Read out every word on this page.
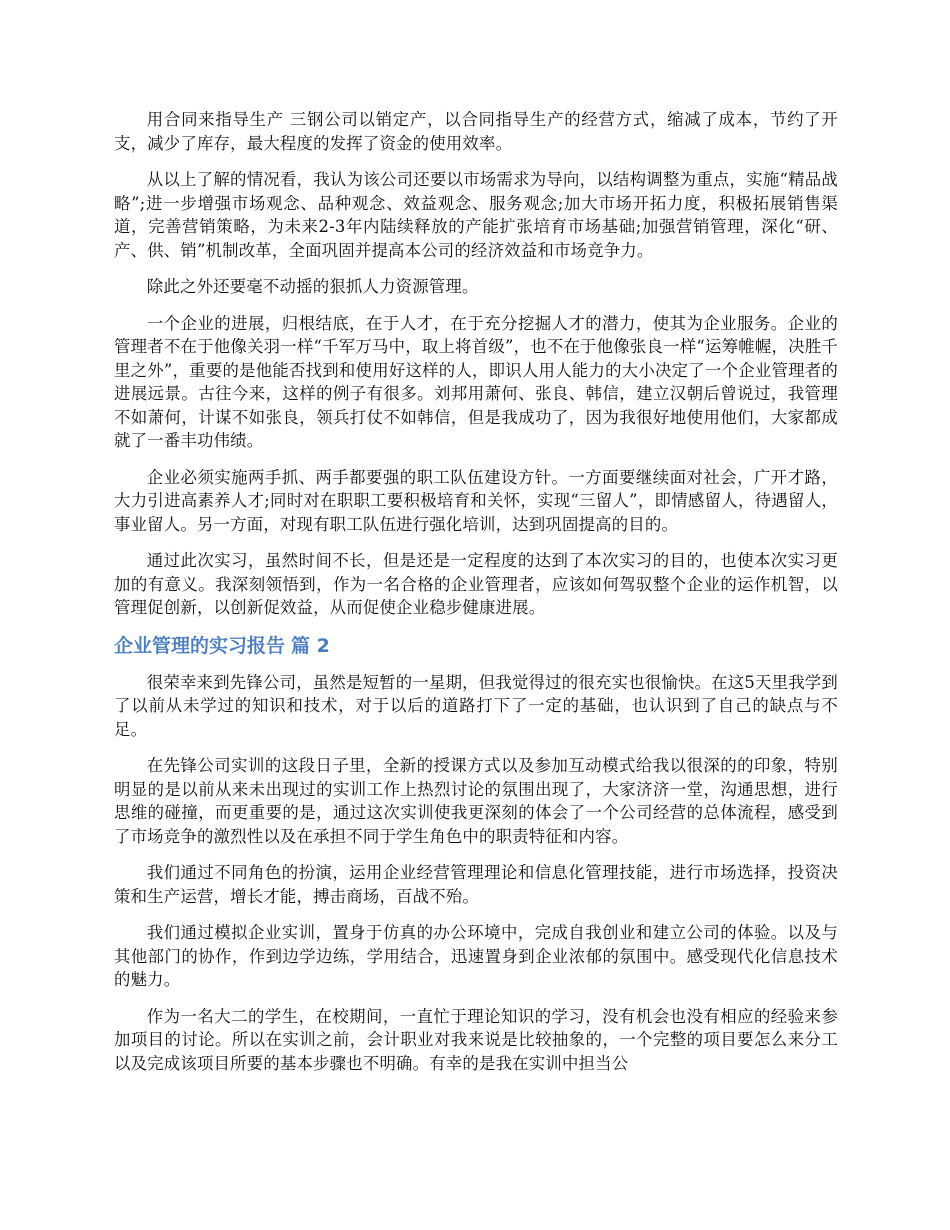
用合同来指导生产 三钢公司以销定产，以合同指导生产的经营方式，缩减了成本，节约了开支，减少了库存，最大程度的发挥了资金的使用效率。

从以上了解的情况看，我认为该公司还要以市场需求为导向，以结构调整为重点，实施“精品战略”;进一步增强市场观念、品种观念、效益观念、服务观念;加大市场开拓力度，积极拓展销售渠道，完善营销策略，为未来2-3年内陆续释放的产能扩张培育市场基础;加强营销管理，深化“研、产、供、销”机制改革，全面巩固并提高本公司的经济效益和市场竞争力。

除此之外还要毫不动摇的狠抓人力资源管理。

一个企业的进展，归根结底，在于人才，在于充分挖掘人才的潜力，使其为企业服务。企业的管理者不在于他像关羽一样“千军万马中，取上将首级”，也不在于他像张良一样“运筹帷幄，决胜千里之外”，重要的是他能否找到和使用好这样的人，即识人用人能力的大小决定了一个企业管理者的进展远景。古往今来，这样的例子有很多。刘邦用萧何、张良、韩信，建立汉朝后曾说过，我管理不如萧何，计谋不如张良，领兵打仗不如韩信，但是我成功了，因为我很好地使用他们，大家都成就了一番丰功伟绩。

企业必须实施两手抓、两手都要强的职工队伍建设方针。一方面要继续面对社会，广开才路，大力引进高素养人才;同时对在职职工要积极培育和关怀，实现“三留人”，即情感留人，待遇留人，事业留人。另一方面，对现有职工队伍进行强化培训，达到巩固提高的目的。

通过此次实习，虽然时间不长，但是还是一定程度的达到了本次实习的目的，也使本次实习更加的有意义。我深刻领悟到，作为一名合格的企业管理者，应该如何驾驭整个企业的运作机智，以管理促创新，以创新促效益，从而促使企业稳步健康进展。

企业管理的实习报告 篇 2

很荣幸来到先锋公司，虽然是短暂的一星期，但我觉得过的很充实也很愉快。在这5天里我学到了以前从未学过的知识和技术，对于以后的道路打下了一定的基础，也认识到了自己的缺点与不足。

在先锋公司实训的这段日子里，全新的授课方式以及参加互动模式给我以很深的的印象，特别明显的是以前从来未出现过的实训工作上热烈讨论的氛围出现了，大家济济一堂，沟通思想，进行思维的碰撞，而更重要的是，通过这次实训使我更深刻的体会了一个公司经营的总体流程，感受到了市场竞争的激烈性以及在承担不同于学生角色中的职责特征和内容。

我们通过不同角色的扮演，运用企业经营管理理论和信息化管理技能，进行市场选择，投资决策和生产运营，增长才能，搏击商场，百战不殆。

我们通过模拟企业实训，置身于仿真的办公环境中，完成自我创业和建立公司的体验。以及与其他部门的协作，作到边学边练，学用结合，迅速置身到企业浓郁的氛围中。感受现代化信息技术的魅力。

作为一名大二的学生，在校期间，一直忙于理论知识的学习，没有机会也没有相应的经验来参加项目的讨论。所以在实训之前，会计职业对我来说是比较抽象的，一个完整的项目要怎么来分工以及完成该项目所要的基本步骤也不明确。有幸的是我在实训中担当公
